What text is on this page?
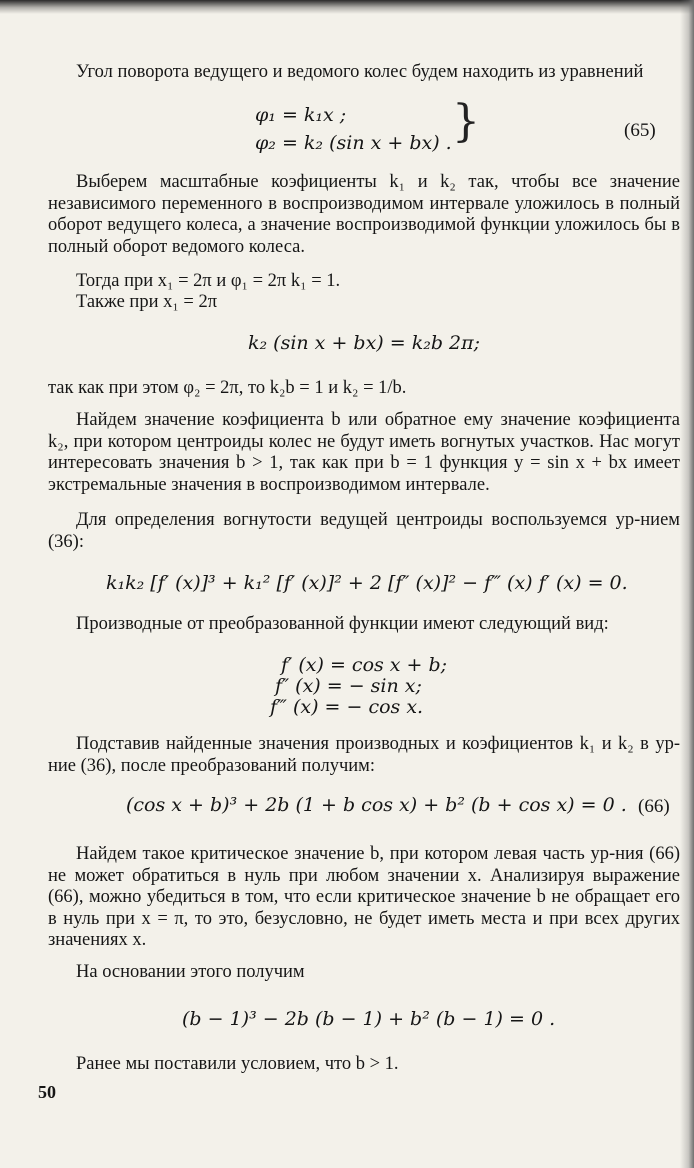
Угол поворота ведущего и ведомого колес будем находить из уравнений

φ₁ = k₁x ;
φ₂ = k₂ (sin x + bx) . }	(65)

Выберем масштабные коэфициенты k₁ и k₂ так, чтобы все значение независимого переменного в воспроизводимом интервале уложилось в полный оборот ведущего колеса, а значение воспроизводимой функции уложилось бы в полный оборот ведомого колеса.

Тогда при x₁ = 2π и φ₁ = 2π k₁ = 1.
Также при x₁ = 2π
k₂ (sin x + bx) = k₂b 2π;
так как при этом φ₂ = 2π, то k₂b = 1 и k₂ = 1/b.

Найдем значение коэфициента b или обратное ему значение коэфициента k₂, при котором центроиды колес не будут иметь вогнутых участков. Нас могут интересовать значения b > 1, так как при b = 1 функция y = sin x + bx имеет экстремальные значения в воспроизводимом интервале.

Для определения вогнутости ведущей центроиды воспользуемся ур-нием (36):

k₁k₂ [f′ (x)]³ + k₁² [f′ (x)]² + 2 [f″ (x)]² − f‴ (x) f′ (x) = 0.

Производные от преобразованной функции имеют следующий вид:

f′ (x) = cos x + b;
f″ (x) = − sin x;
f‴ (x) = − cos x.

Подставив найденные значения производных и коэфициентов k₁ и k₂ в ур-ние (36), после преобразований получим:

(cos x + b)³ + 2b (1 + b cos x) + b² (b + cos x) = 0 . (66)

Найдем такое критическое значение b, при котором левая часть ур-ния (66) не может обратиться в нуль при любом значении x. Анализируя выражение (66), можно убедиться в том, что если критическое значение b не обращает его в нуль при x = π, то это, безусловно, не будет иметь места и при всех других значениях x.

На основании этого получим
(b − 1)³ − 2b (b − 1) + b² (b − 1) = 0 .
Ранее мы поставили условием, что b > 1.
50
